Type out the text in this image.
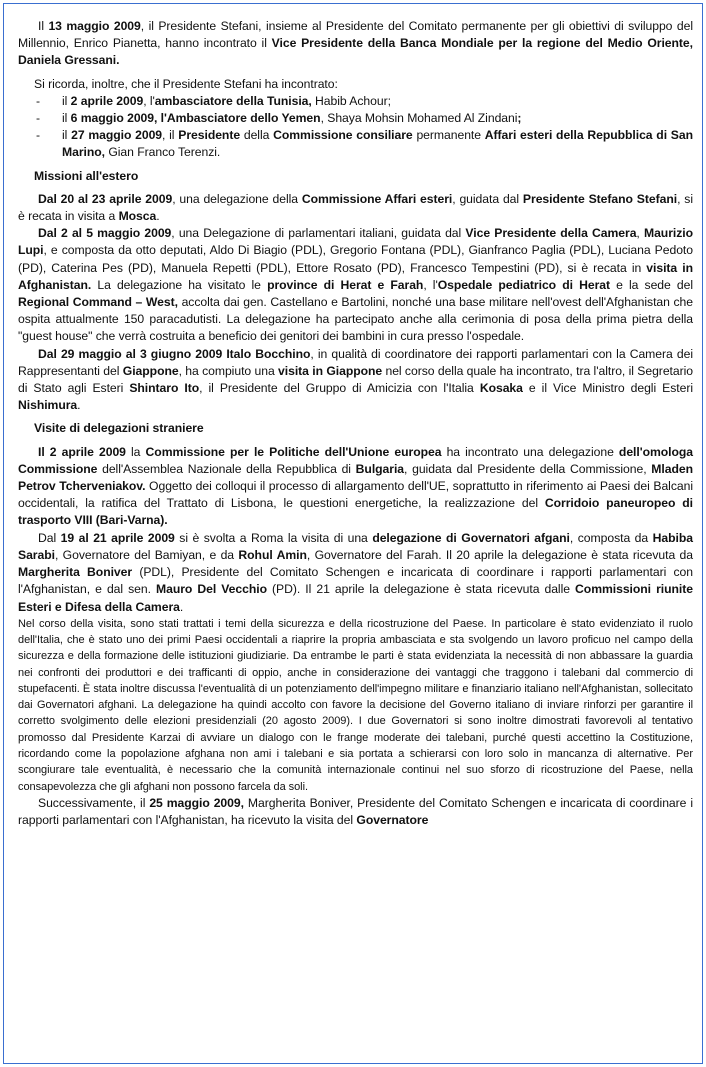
Il 13 maggio 2009, il Presidente Stefani, insieme al Presidente del Comitato permanente per gli obiettivi di sviluppo del Millennio, Enrico Pianetta, hanno incontrato il Vice Presidente della Banca Mondiale per la regione del Medio Oriente, Daniela Gressani.

Si ricorda, inoltre, che il Presidente Stefani ha incontrato:

- il 2 aprile 2009, l'ambasciatore della Tunisia, Habib Achour;
- il 6 maggio 2009, l'Ambasciatore dello Yemen, Shaya Mohsin Mohamed Al Zindani;
- il 27 maggio 2009, il Presidente della Commissione consiliare permanente Affari esteri della Repubblica di San Marino, Gian Franco Terenzi.

Missioni all'estero

Dal 20 al 23 aprile 2009, una delegazione della Commissione Affari esteri, guidata dal Presidente Stefano Stefani, si è recata in visita a Mosca.

Dal 2 al 5 maggio 2009, una Delegazione di parlamentari italiani, guidata dal Vice Presidente della Camera, Maurizio Lupi, e composta da otto deputati, Aldo Di Biagio (PDL), Gregorio Fontana (PDL), Gianfranco Paglia (PDL), Luciana Pedoto (PD), Caterina Pes (PD), Manuela Repetti (PDL), Ettore Rosato (PD), Francesco Tempestini (PD), si è recata in visita in Afghanistan. La delegazione ha visitato le province di Herat e Farah, l'Ospedale pediatrico di Herat e la sede del Regional Command – West, accolta dai gen. Castellano e Bartolini, nonché una base militare nell'ovest dell'Afghanistan che ospita attualmente 150 paracadutisti. La delegazione ha partecipato anche alla cerimonia di posa della prima pietra della "guest house" che verrà costruita a beneficio dei genitori dei bambini in cura presso l'ospedale.

Dal 29 maggio al 3 giugno 2009 Italo Bocchino, in qualità di coordinatore dei rapporti parlamentari con la Camera dei Rappresentanti del Giappone, ha compiuto una visita in Giappone nel corso della quale ha incontrato, tra l'altro, il Segretario di Stato agli Esteri Shintaro Ito, il Presidente del Gruppo di Amicizia con l'Italia Kosaka e il Vice Ministro degli Esteri Nishimura.

Visite di delegazioni straniere

Il 2 aprile 2009 la Commissione per le Politiche dell'Unione europea ha incontrato una delegazione dell'omologa Commissione dell'Assemblea Nazionale della Repubblica di Bulgaria, guidata dal Presidente della Commissione, Mladen Petrov Tcherveniakov. Oggetto dei colloqui il processo di allargamento dell'UE, soprattutto in riferimento ai Paesi dei Balcani occidentali, la ratifica del Trattato di Lisbona, le questioni energetiche, la realizzazione del Corridoio paneuropeo di trasporto VIII (Bari-Varna).

Dal 19 al 21 aprile 2009 si è svolta a Roma la visita di una delegazione di Governatori afgani, composta da Habiba Sarabi, Governatore del Bamiyan, e da Rohul Amin, Governatore del Farah. Il 20 aprile la delegazione è stata ricevuta da Margherita Boniver (PDL), Presidente del Comitato Schengen e incaricata di coordinare i rapporti parlamentari con l'Afghanistan, e dal sen. Mauro Del Vecchio (PD). Il 21 aprile la delegazione è stata ricevuta dalle Commissioni riunite Esteri e Difesa della Camera.

Nel corso della visita, sono stati trattati i temi della sicurezza e della ricostruzione del Paese. In particolare è stato evidenziato il ruolo dell'Italia, che è stato uno dei primi Paesi occidentali a riaprire la propria ambasciata e sta svolgendo un lavoro proficuo nel campo della sicurezza e della formazione delle istituzioni giudiziarie. Da entrambe le parti è stata evidenziata la necessità di non abbassare la guardia nei confronti dei produttori e dei trafficanti di oppio, anche in considerazione dei vantaggi che traggono i talebani dal commercio di stupefacenti. È stata inoltre discussa l'eventualità di un potenziamento dell'impegno militare e finanziario italiano nell'Afghanistan, sollecitato dai Governatori afghani. La delegazione ha quindi accolto con favore la decisione del Governo italiano di inviare rinforzi per garantire il corretto svolgimento delle elezioni presidenziali (20 agosto 2009). I due Governatori si sono inoltre dimostrati favorevoli al tentativo promosso dal Presidente Karzai di avviare un dialogo con le frange moderate dei talebani, purché questi accettino la Costituzione, ricordando come la popolazione afghana non ami i talebani e sia portata a schierarsi con loro solo in mancanza di alternative. Per scongiurare tale eventualità, è necessario che la comunità internazionale continui nel suo sforzo di ricostruzione del Paese, nella consapevolezza che gli afghani non possono farcela da soli.

Successivamente, il 25 maggio 2009, Margherita Boniver, Presidente del Comitato Schengen e incaricata di coordinare i rapporti parlamentari con l'Afghanistan, ha ricevuto la visita del Governatore
